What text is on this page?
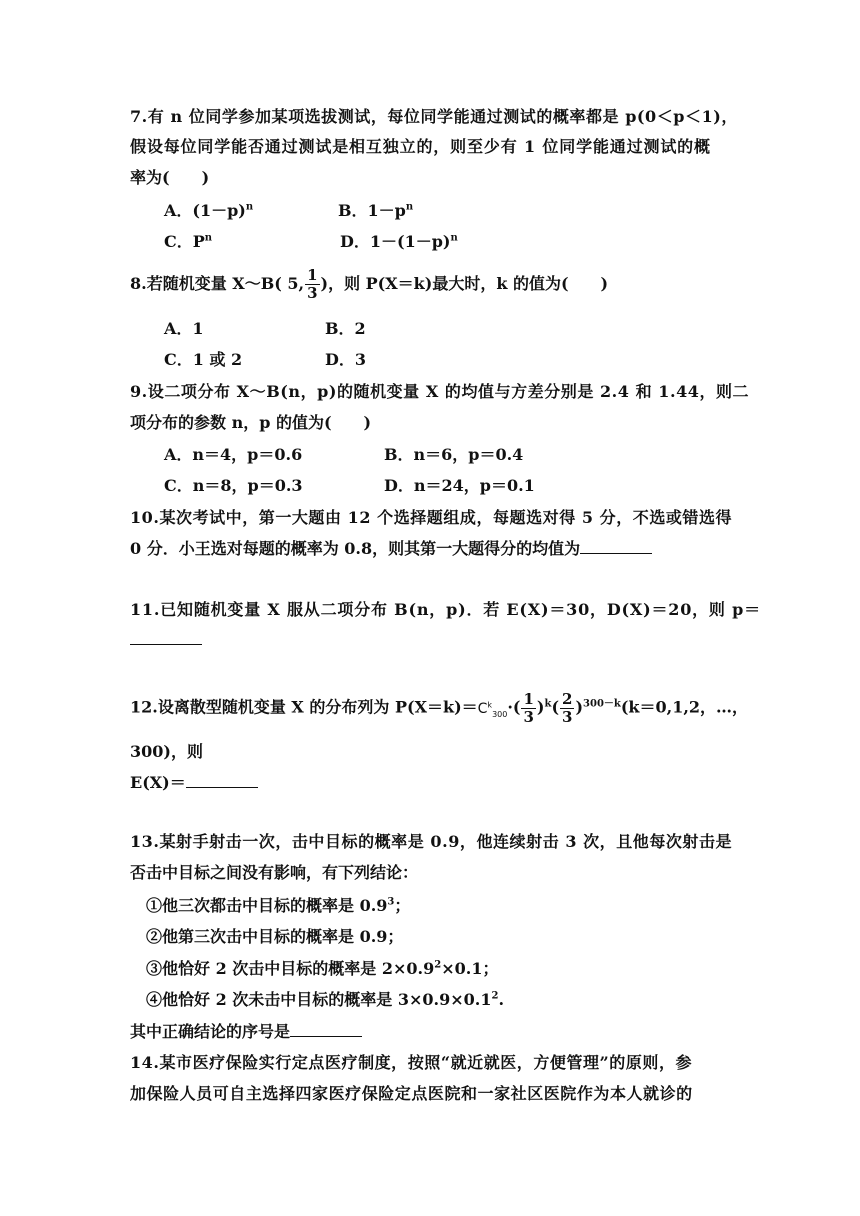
7.有 n 位同学参加某项选拔测试，每位同学能通过测试的概率都是 p(0＜p＜1)，
假设每位同学能否通过测试是相互独立的，则至少有 1 位同学能通过测试的概
率为(　　)
A．$(1-p)^n$	B．$1-p^n$
C．$P^n$	D．$1-(1-p)^n$
8.若随机变量 X～B( 5, $\frac{1}{3}$ )，则 P(X＝k)最大时，k 的值为(　　)
A．1	B．2
C．1 或 2	D．3
9.设二项分布 X～B(n，p)的随机变量 X 的均值与方差分别是 2.4 和 1.44，则二
项分布的参数 n，p 的值为(　　)
A．n＝4，p＝0.6	B．n＝6，p＝0.4
C．n＝8，p＝0.3	D．n＝24，p＝0.1
10.某次考试中，第一大题由 12 个选择题组成，每题选对得 5 分，不选或错选得
0 分．小王选对每题的概率为 0.8，则其第一大题得分的均值为
11.已知随机变量 X 服从二项分布 B(n，p)．若 E(X)＝30，D(X)＝20，则 p＝
12.设离散型随机变量 X 的分布列为 $P(X=k)=C^k_{300}\cdot( \frac{1}{3} )^k( \frac{2}{3} )^{300-k}(k=0,1,2$，…，
300)，则
E(X)＝
13.某射手射击一次，击中目标的概率是 0.9，他连续射击 3 次，且他每次射击是
否击中目标之间没有影响，有下列结论：
①他三次都击中目标的概率是 $0.9^3$；
②他第三次击中目标的概率是 0.9；
③他恰好 2 次击中目标的概率是 $2\times 0.9^2\times 0.1$；
④他恰好 2 次未击中目标的概率是 $3\times 0.9\times 0.1^2$.
其中正确结论的序号是
14.某市医疗保险实行定点医疗制度，按照“就近就医，方便管理”的原则，参
加保险人员可自主选择四家医疗保险定点医院和一家社区医院作为本人就诊的
